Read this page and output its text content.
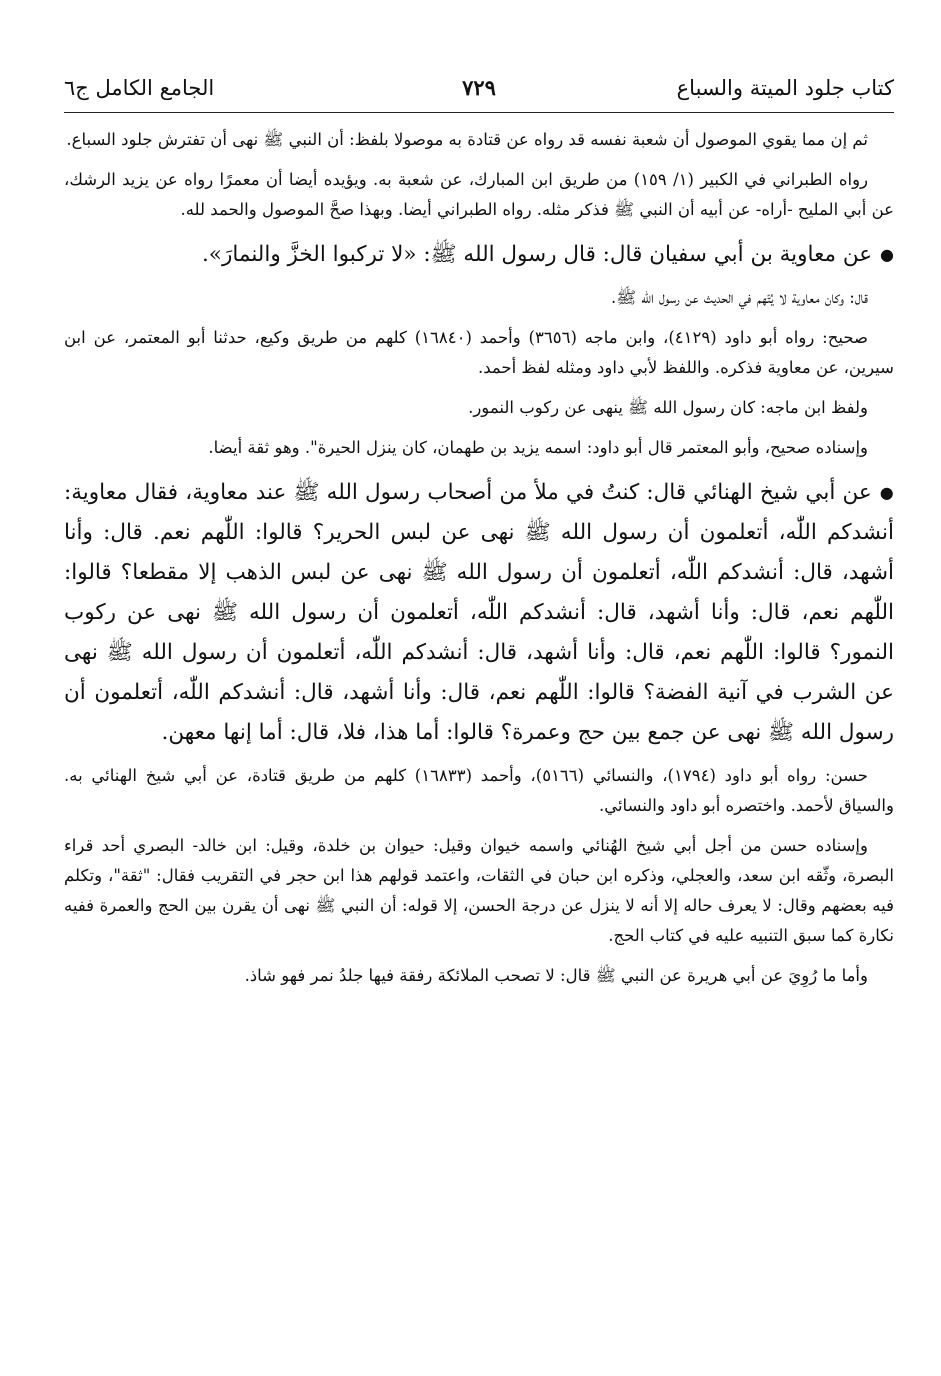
كتاب جلود الميتة والسباع
٧٢٩
الجامع الكامل ج٦

ثم إن مما يقوي الموصول أن شعبة نفسه قد رواه عن قتادة به موصولا بلفظ: أن النبي ﷺ نهى أن تفترش جلود السباع.

رواه الطبراني في الكبير (١/ ١٥٩) من طريق ابن المبارك، عن شعبة به. ويؤيده أيضا أن معمرًا رواه عن يزيد الرشك، عن أبي المليح -أراه- عن أبيه أن النبي ﷺ فذكر مثله. رواه الطبراني أيضا. وبهذا صحَّ الموصول والحمد لله.

●عن معاوية بن أبي سفيان قال: قال رسول الله ﷺ: «لا تركبوا الخزَّ والنمارَ».

قال: وكان معاوية لا يُتّهم في الحديث عن رسول الله ﷺ.

صحيح: رواه أبو داود (٤١٢٩)، وابن ماجه (٣٦٥٦) وأحمد (١٦٨٤٠) كلهم من طريق وكيع، حدثنا أبو المعتمر، عن ابن سيرين، عن معاوية فذكره. واللفظ لأبي داود ومثله لفظ أحمد.

ولفظ ابن ماجه: كان رسول الله ﷺ ينهى عن ركوب النمور.

وإسناده صحيح، وأبو المعتمر قال أبو داود: اسمه يزيد بن طهمان، كان ينزل الحيرة". وهو ثقة أيضا.

●عن أبي شيخ الهنائي قال: كنتُ في ملأ من أصحاب رسول الله ﷺ عند معاوية، فقال معاوية: أنشدكم اللّٰه، أتعلمون أن رسول الله ﷺ نهى عن لبس الحرير؟ قالوا: اللّٰهم نعم. قال: وأنا أشهد، قال: أنشدكم اللّٰه، أتعلمون أن رسول الله ﷺ نهى عن لبس الذهب إلا مقطعا؟ قالوا: اللّٰهم نعم، قال: وأنا أشهد، قال: أنشدكم اللّٰه، أتعلمون أن رسول الله ﷺ نهى عن ركوب النمور؟ قالوا: اللّٰهم نعم، قال: وأنا أشهد، قال: أنشدكم اللّٰه، أتعلمون أن رسول الله ﷺ نهى عن الشرب في آنية الفضة؟ قالوا: اللّٰهم نعم، قال: وأنا أشهد، قال: أنشدكم اللّٰه، أتعلمون أن رسول الله ﷺ نهى عن جمع بين حج وعمرة؟ قالوا: أما هذا، فلا، قال: أما إنها معهن.

حسن: رواه أبو داود (١٧٩٤)، والنسائي (٥١٦٦)، وأحمد (١٦٨٣٣) كلهم من طريق قتادة، عن أبي شيخ الهنائي به. والسياق لأحمد. واختصره أبو داود والنسائي.

وإسناده حسن من أجل أبي شيخ الهُنائي واسمه خيوان وقيل: حيوان بن خلدة، وقيل: ابن خالد- البصري أحد قراء البصرة، وثّقه ابن سعد، والعجلي، وذكره ابن حبان في الثقات، واعتمد قولهم هذا ابن حجر في التقريب فقال: "ثقة"، وتكلم فيه بعضهم وقال: لا يعرف حاله إلا أنه لا ينزل عن درجة الحسن، إلا قوله: أن النبي ﷺ نهى أن يقرن بين الحج والعمرة ففيه نكارة كما سبق التنبيه عليه في كتاب الحج.

وأما ما رُوِيَ عن أبي هريرة عن النبي ﷺ قال: لا تصحب الملائكة رفقة فيها جلدُ نمر فهو شاذ.
